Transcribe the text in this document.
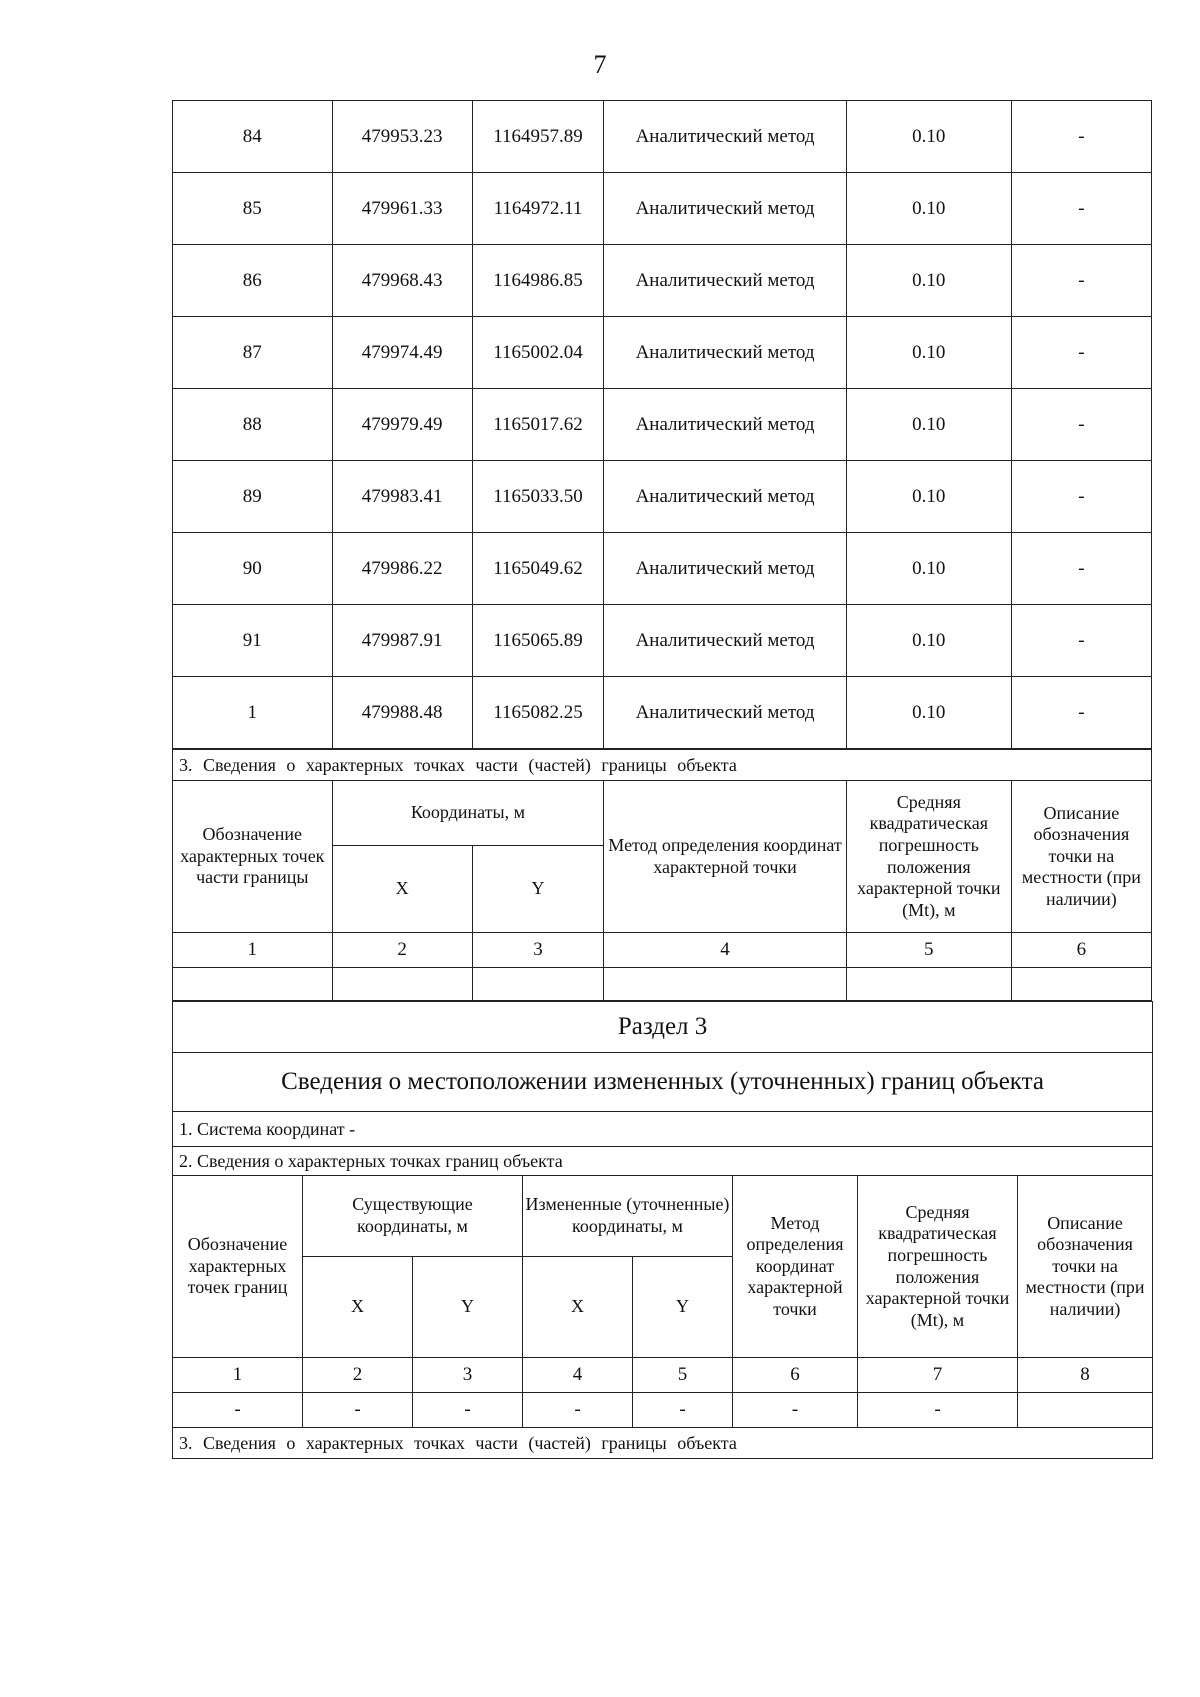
7
84	479953.23	1164957.89	Аналитический метод	0.10	-
85	479961.33	1164972.11	Аналитический метод	0.10	-
86	479968.43	1164986.85	Аналитический метод	0.10	-
87	479974.49	1165002.04	Аналитический метод	0.10	-
88	479979.49	1165017.62	Аналитический метод	0.10	-
89	479983.41	1165033.50	Аналитический метод	0.10	-
90	479986.22	1165049.62	Аналитический метод	0.10	-
91	479987.91	1165065.89	Аналитический метод	0.10	-
1	479988.48	1165082.25	Аналитический метод	0.10	-
3. Сведения о характерных точках части (частей) границы объекта					
Обозначение характерных точек части границы	Координаты, м		Метод определения координат характерной точки	Средняя квадратическая погрешность положения характерной точки (Mt), м	Описание обозначения точки на местности (при наличии)
	X	Y			
1	2	3	4	5	6

Раздел 3							
Сведения о местоположении измененных (уточненных) границ объекта							
1. Система координат -							
2. Сведения о характерных точках границ объекта							
Обозначение характерных точек границ	Существующие координаты, м		Измененные (уточненные) координаты, м		Метод определения координат характерной точки	Средняя квадратическая погрешность положения характерной точки (Mt), м	Описание обозначения точки на местности (при наличии)
	X	Y	X	Y			
1	2	3	4	5	6	7	8
-	-	-	-	-	-	-	
3. Сведения о характерных точках части (частей) границы объекта							
